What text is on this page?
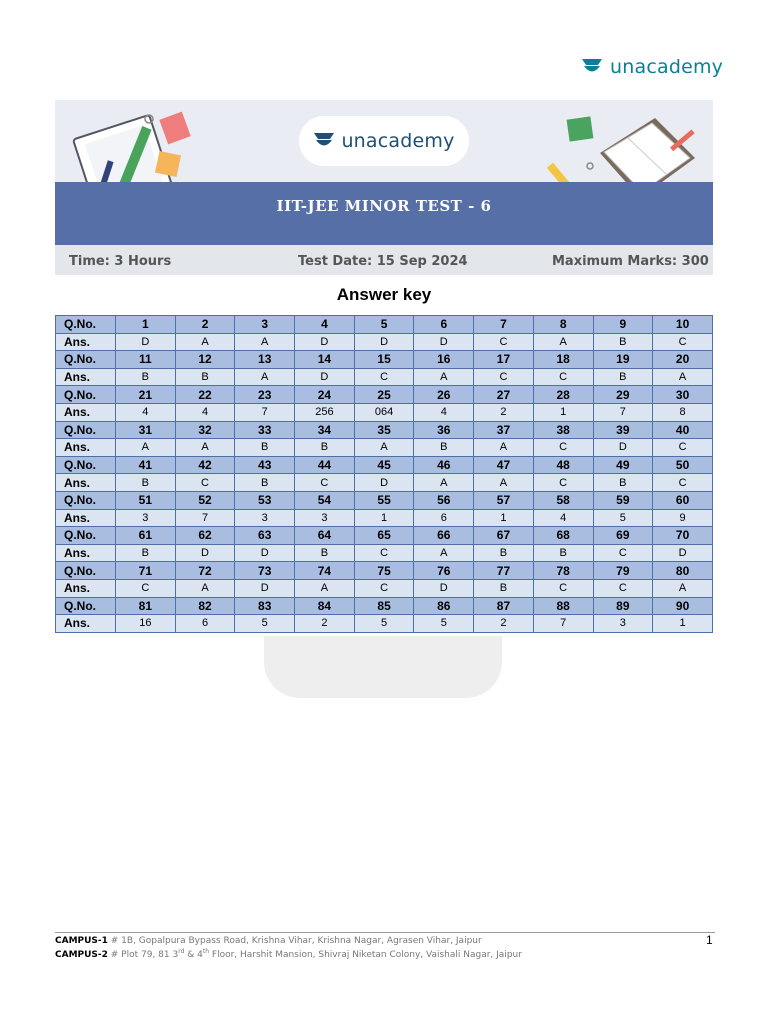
unacademy
unacademy
IIT-JEE MINOR TEST - 6
Time: 3 Hours	Test Date: 15 Sep 2024	Maximum Marks: 300
Answer key
Q.No.	1	2	3	4	5	6	7	8	9	10
Ans.	D	A	A	D	D	D	C	A	B	C
Q.No.	11	12	13	14	15	16	17	18	19	20
Ans.	B	B	A	D	C	A	C	C	B	A
Q.No.	21	22	23	24	25	26	27	28	29	30
Ans.	4	4	7	256	064	4	2	1	7	8
Q.No.	31	32	33	34	35	36	37	38	39	40
Ans.	A	A	B	B	A	B	A	C	D	C
Q.No.	41	42	43	44	45	46	47	48	49	50
Ans.	B	C	B	C	D	A	A	C	B	C
Q.No.	51	52	53	54	55	56	57	58	59	60
Ans.	3	7	3	3	1	6	1	4	5	9
Q.No.	61	62	63	64	65	66	67	68	69	70
Ans.	B	D	D	B	C	A	B	B	C	D
Q.No.	71	72	73	74	75	76	77	78	79	80
Ans.	C	A	D	A	C	D	B	C	C	A
Q.No.	81	82	83	84	85	86	87	88	89	90
Ans.	16	6	5	2	5	5	2	7	3	1
CAMPUS-1 # 1B, Gopalpura Bypass Road, Krishna Vihar, Krishna Nagar, Agrasen Vihar, Jaipur
CAMPUS-2 # Plot 79, 81 3rd & 4th Floor, Harshit Mansion, Shivraj Niketan Colony, Vaishali Nagar, Jaipur
1
